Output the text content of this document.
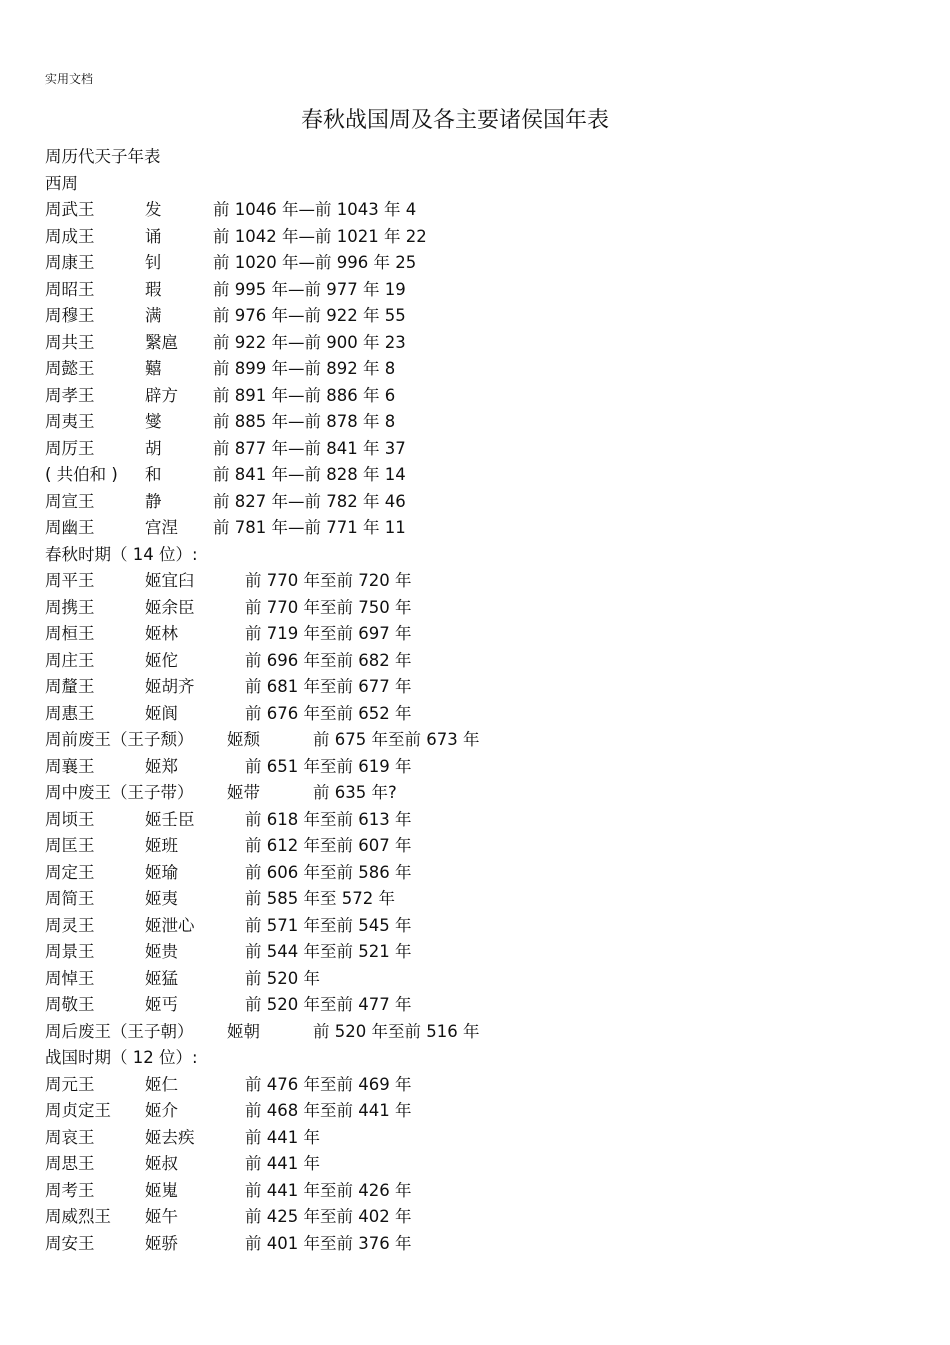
实用文档
春秋战国周及各主要诸侯国年表
周历代天子年表
西周
周武王	发	前 1046 年—前 1043 年 4
周成王	诵	前 1042 年—前 1021 年 22
周康王	钊	前 1020 年—前 996 年 25
周昭王	瑕	前 995 年—前 977 年 19
周穆王	满	前 976 年—前 922 年 55
周共王	繄扈 前 922 年—前 900 年 23
周懿王	囏	前 899 年—前 892 年 8
周孝王	辟方 前 891 年—前 886 年 6
周夷王	燮	前 885 年—前 878 年 8
周厉王	胡	前 877 年—前 841 年 37
( 共伯和 ) 和	前 841 年—前 828 年 14
周宣王	静	前 827 年—前 782 年 46
周幽王	宫涅 前 781 年—前 771 年 11
春秋时期（ 14 位）:
周平王	姬宜臼	前 770 年至前 720 年
周携王	姬余臣	前 770 年至前 750 年
周桓王	姬林	前 719 年至前 697 年
周庄王	姬佗	前 696 年至前 682 年
周釐王	姬胡齐	前 681 年至前 677 年
周惠王	姬阆	前 676 年至前 652 年
周前废王（王子颓） 姬颓	前 675 年至前 673 年
周襄王	姬郑	前 651 年至前 619 年
周中废王（王子带） 姬带	前 635 年?
周顷王	姬壬臣	前 618 年至前 613 年
周匡王	姬班	前 612 年至前 607 年
周定王	姬瑜	前 606 年至前 586 年
周简王	姬夷	前 585 年至 572 年
周灵王	姬泄心	前 571 年至前 545 年
周景王	姬贵	前 544 年至前 521 年
周悼王	姬猛	前 520 年
周敬王	姬丐	前 520 年至前 477 年
周后废王（王子朝） 姬朝	前 520 年至前 516 年
战国时期（ 12 位）:
周元王	姬仁	前 476 年至前 469 年
周贞定王 姬介	前 468 年至前 441 年
周哀王	姬去疾	前 441 年
周思王	姬叔	前 441 年
周考王	姬嵬	前 441 年至前 426 年
周威烈王 姬午	前 425 年至前 402 年
周安王	姬骄	前 401 年至前 376 年
